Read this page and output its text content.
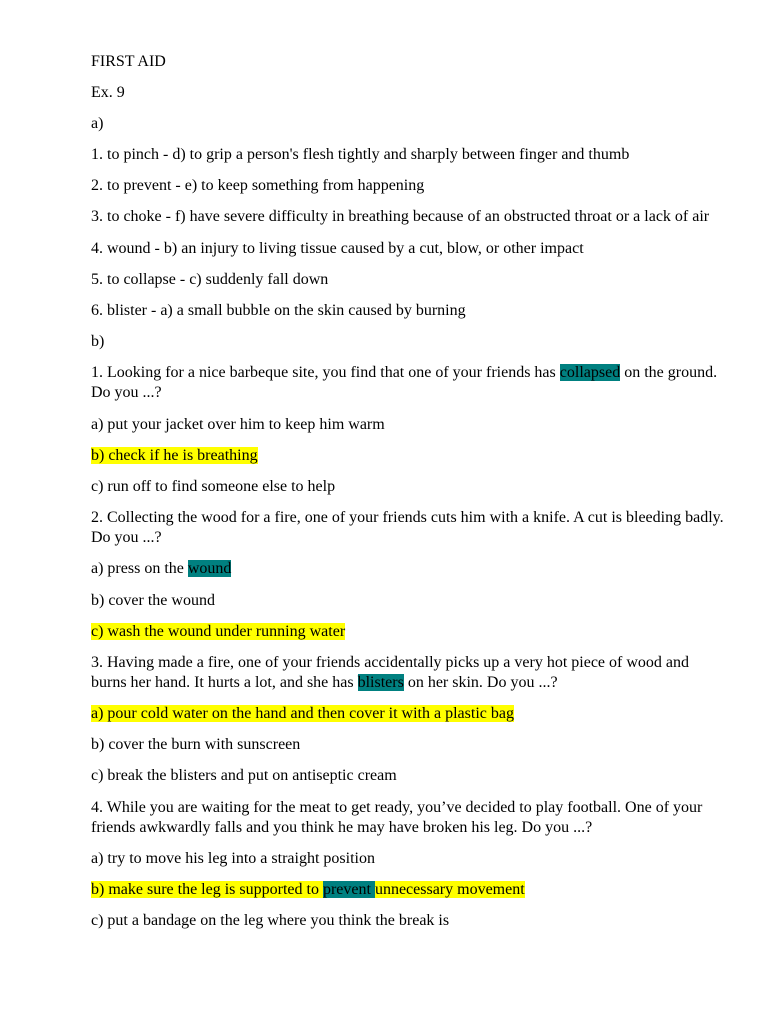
FIRST AID

Ex. 9

a)

1. to pinch - d) to grip a person's flesh tightly and sharply between finger and thumb

2. to prevent - e) to keep something from happening

3. to choke - f) have severe difficulty in breathing because of an obstructed throat or a lack of air

4. wound - b) an injury to living tissue caused by a cut, blow, or other impact

5. to collapse - c) suddenly fall down

6. blister - a) a small bubble on the skin caused by burning

b)

1. Looking for a nice barbeque site, you find that one of your friends has collapsed on the ground. Do you ...?

a) put your jacket over him to keep him warm

b) check if he is breathing

c) run off to find someone else to help

2. Collecting the wood for a fire, one of your friends cuts him with a knife. A cut is bleeding badly. Do you ...?

a) press on the wound

b) cover the wound

c) wash the wound under running water

3. Having made a fire, one of your friends accidentally picks up a very hot piece of wood and burns her hand. It hurts a lot, and she has blisters on her skin. Do you ...?

a) pour cold water on the hand and then cover it with a plastic bag

b) cover the burn with sunscreen

c) break the blisters and put on antiseptic cream

4. While you are waiting for the meat to get ready, you’ve decided to play football. One of your friends awkwardly falls and you think he may have broken his leg. Do you ...?

a) try to move his leg into a straight position

b) make sure the leg is supported to prevent unnecessary movement

c) put a bandage on the leg where you think the break is
